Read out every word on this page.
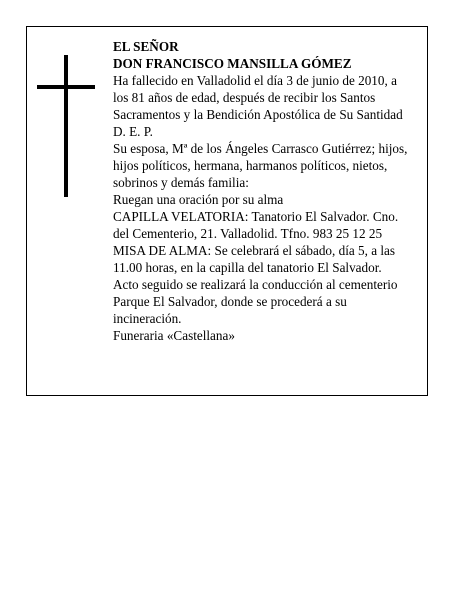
EL SEÑOR
DON FRANCISCO MANSILLA GÓMEZ
Ha fallecido en Valladolid el día 3 de junio de 2010, a
los 81 años de edad, después de recibir los Santos
Sacramentos y la Bendición Apostólica de Su Santidad
D. E. P.
Su esposa, Mª de los Ángeles Carrasco Gutiérrez; hijos,
hijos políticos, hermana, harmanos políticos, nietos,
sobrinos y demás familia:
Ruegan una oración por su alma
CAPILLA VELATORIA: Tanatorio El Salvador. Cno.
del Cementerio, 21. Valladolid. Tfno. 983 25 12 25
MISA DE ALMA: Se celebrará el sábado, día 5, a las
11.00 horas, en la capilla del tanatorio El Salvador.
Acto seguido se realizará la conducción al cementerio
Parque El Salvador, donde se procederá a su
incineración.
Funeraria «Castellana»
